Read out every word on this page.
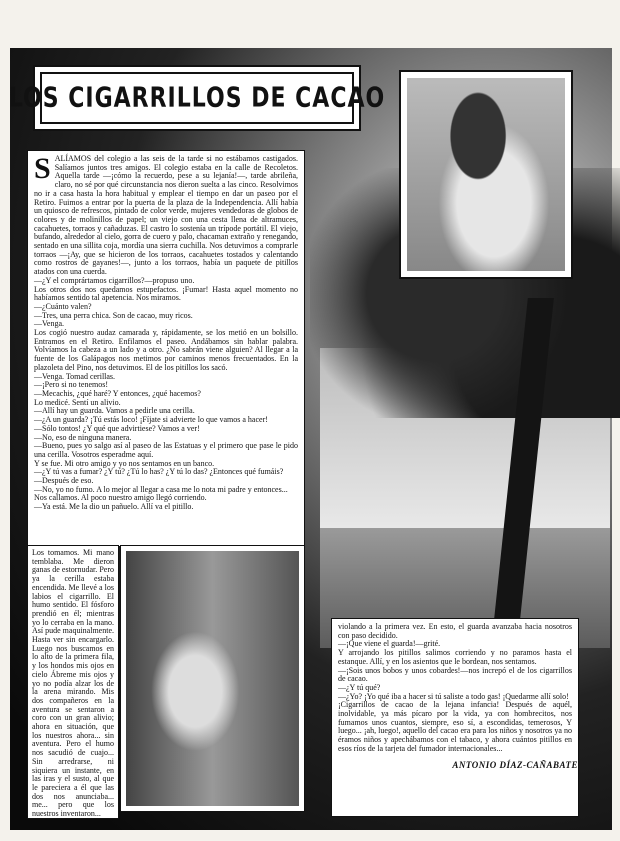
LOS CIGARRILLOS DE CACAO
S ALÍAMOS del colegio a las seis de la tarde si no estábamos castigados. Salíamos juntos tres amigos. El colegio estaba en la calle de Recoletos. Aquella tarde —¡cómo la recuerdo, pese a su lejanía!—, tarde abrileña, claro, no sé por qué circunstancia nos dieron suelta a las cinco. Resolvimos no ir a casa hasta la hora habitual y emplear el tiempo en dar un paseo por el Retiro. Fuimos a entrar por la puerta de la plaza de la Independencia. Allí había un quiosco de refrescos, pintado de color verde, mujeres vendedoras de globos de colores y de molinillos de papel; un viejo con una cesta llena de altramuces, cacahuetes, torraos y cañaduzas. El castro lo sostenía un trípode portátil. El viejo, bufando, alrededor al cielo, gorra de cuero y palo, chacaman extraño y renegando, sentado en una sillita coja, mordía una sierra cuchilla. Nos detuvimos a comprarle torraos —¡Ay, que se hicieron de los torraos, cacahuetes tostados y calentando como rostros de gayanes!—, junto a los torraos, había un paquete de pitillos atados con una cuerda.

—¿Y el comprártamos cigarrillos?—propuso uno.

Los otros dos nos quedamos estupefactos. ¡Fumar! Hasta aquel momento no habíamos sentido tal apetencia. Nos miramos.

—¿Cuánto valen?

—Tres, una perra chica. Son de cacao, muy ricos.

—Venga.

Los cogió nuestro audaz camarada y, rápidamente, se los metió en un bolsillo. Entramos en el Retiro. Enfilamos el paseo. Andábamos sin hablar palabra. Volvíamos la cabeza a un lado y a otro. ¿No sabrán viene alguien? Al llegar a la fuente de los Galápagos nos metimos por caminos menos frecuentados. En la plazoleta del Pino, nos detuvimos. El de los pitillos los sacó.

—Venga. Tomad cerillas.

—¡Pero si no tenemos!

—Mecachis, ¿qué haré? Y entonces, ¿qué hacemos?

Lo medicé. Sentí un alivio.

—Allí hay un guarda. Vamos a pedirle una cerilla.

—¿A un guarda? ¡Tú estás loco! ¡Fíjate si advierte lo que vamos a hacer!

—Sólo tontos! ¿Y qué que advirtiese? Vamos a ver!

—No, eso de ninguna manera.

—Bueno, pues yo salgo así al paseo de las Estatuas y el primero que pase le pido una cerilla. Vosotros esperadme aquí.

Y se fue. Mi otro amigo y yo nos sentamos en un banco.

—¿Y tú vas a fumar? ¿Y tú? ¿Tú lo has? ¿Y tú lo das? ¿Entonces qué fumáis?

—Después de eso.

—No, yo no fumo. A lo mejor al llegar a casa me lo nota mi padre y entonces...

Nos callamos. Al poco nuestro amigo llegó corriendo.

—Ya está. Me la dio un pañuelo. Allí va el pitillo.

Los tomamos. Mi mano temblaba. Me dieron ganas de estornudar. Pero ya la cerilla estaba encendida. Me llevé a los labios el cigarrillo. El humo sentido. El fósforo prendió en él; mientras yo lo cerraba en la mano. Así pude maquinalmente. Hasta ver sin encargarlo. Luego nos buscamos en lo alto de la primera fila, y los hondos mis ojos en cielo Ábreme mis ojos y yo no podía alzar los de la arena mirando. Mis dos compañeros en la aventura se sentaron a coro con un gran alivio; ahora en situación, que los nuestros ahora... sin aventura. Pero el humo nos sacudió de cuajo... Sin arredrarse, ni siquiera un instante, en las iras y el susto, al que le pareciera a él que las dos nos anunciaba... me... pero que los nuestros inventaron...

violando a la primera vez. En esto, el guarda avanzaba hacia nosotros con paso decidido.

—¡Que viene el guarda!—grité.

Y arrojando los pitillos salimos corriendo y no paramos hasta el estanque. Allí, y en los asientos que le bordean, nos sentamos.

—¡Sois unos bobos y unos cobardes!—nos increpó el de los cigarrillos de cacao.

—¿Y tú qué?

—¿Yo? ¡Yo qué iba a hacer si tú saliste a todo gas! ¡Quedarme allí solo!

¡Cigarrillos de cacao de la lejana infancia! Después de aquél, inolvidable, ya más pícaro por la vida, ya con hombrecitos, nos fumamos unos cuantos, siempre, eso sí, a escondidas, temerosos, Y luego... ¡ah, luego!, aquello del cacao era para los niños y nosotros ya no éramos niños y apechábamos con el tabaco, y ahora cuántos pitillos en esos ríos de la tarjeta del fumador internacionales...

ANTONIO DÍAZ-CAÑABATE
